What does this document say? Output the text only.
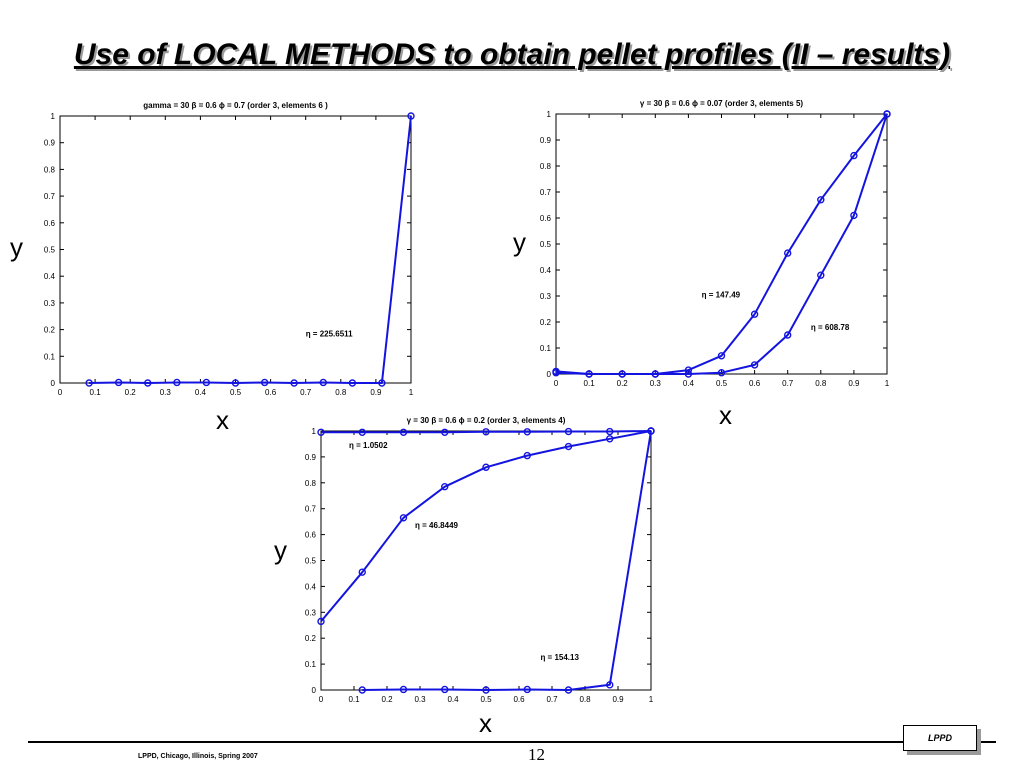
Use of LOCAL METHODS to obtain pellet profiles (II – results)
gamma = 30 β = 0.6 ϕ = 0.7 (order 3, elements 6 )
0	0.1	0.2	0.3	0.4	0.5	0.6	0.7	0.8	0.9	1
0
0.1
0.2
0.3
0.4
0.5
0.6
0.7
0.8
0.9
1
η = 225.6511
γ = 30 β = 0.6 ϕ = 0.07 (order 3, elements 5)
0	0.1	0.2	0.3	0.4	0.5	0.6	0.7	0.8	0.9	1
0
0.1
0.2
0.3
0.4
0.5
0.6
0.7
0.8
0.9
1
η = 147.49
η = 608.78
γ = 30 β = 0.6 ϕ = 0.2 (order 3, elements 4)
0	0.1	0.2	0.3	0.4	0.5	0.6	0.7	0.8	0.9	1
0
0.1
0.2
0.3
0.4
0.5
0.6
0.7
0.8
0.9
1
η = 1.0502
η = 46.8449
η = 154.13
y
x
y
x
y
x
LPPD, Chicago, Illinois, Spring 2007	12
LPPD
